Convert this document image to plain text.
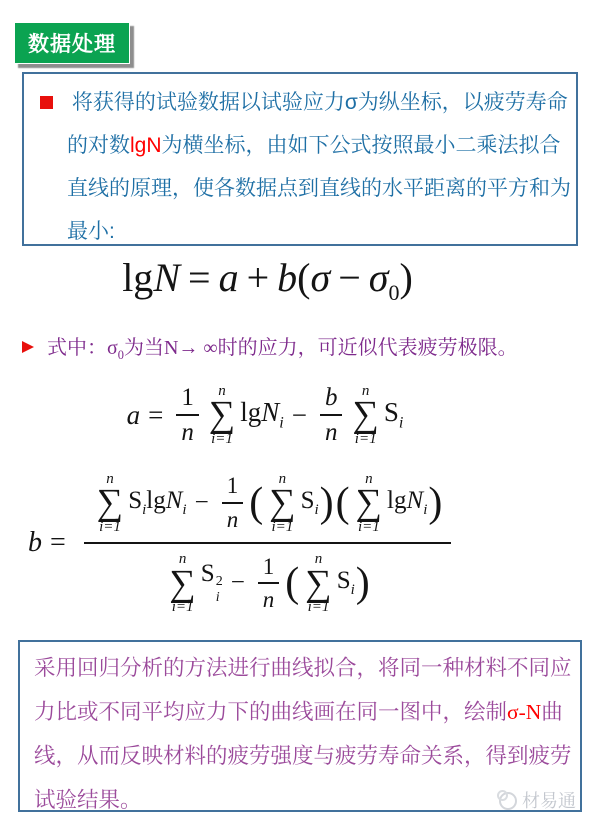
数据处理
将获得的试验数据以试验应力σ为纵坐标，以疲劳寿命
的对数lgN为横坐标，由如下公式按照最小二乘法拟合
直线的原理，使各数据点到直线的水平距离的平方和为
最小:
$\lg N = a + b(\sigma - \sigma_0)$
式中：$\sigma_0$为当N→ ∞时的应力，可近似代表疲劳极限。
$a = \frac{1}{n}$ n
∑
i=1
$\lg N_i - \frac{b}{n}$ n
∑
i=1
$S_i$
b =
n
∑
i=1
$S_i$ $\lg N_i - \frac{1}{n}$ (
n
∑
i=1
$S_i$ ) (
n
∑
i=1
lgN$_i$ )
n
∑
i=1
S 2
i
− $\frac{1}{n}$ (
n
∑
i=1
$S_i$ )
采用回归分析的方法进行曲线拟合，将同一种材料不同应
力比或不同平均应力下的曲线画在同一图中，绘制σ-N曲
线，从而反映材料的疲劳强度与疲劳寿命关系，得到疲劳
试验结果。	材易通
